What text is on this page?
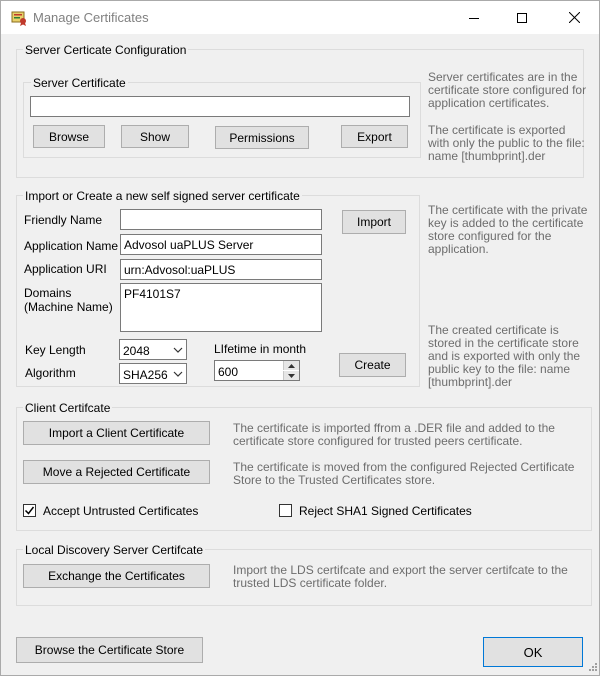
Manage Certificates
Server Certicate Configuration
Server Certificate
Browse	Show	Permissions	Export
Server certificates are in the certificate store configured for application certificates.
The certificate is exported with only the public to the file: name [thumbprint].der
Import or Create a new self signed server certificate
Friendly Name
Application Name Advosol uaPLUS Server
Application URI	urn:Advosol:uaPLUS
Domains
(Machine Name)
PF4101S7
Key Length	2048
Algorithm	SHA256
LIfetime in month
600
Import
Create
The certificate with the private key is added to the certificate store configured for the application.
The created certificate is stored in the certificate store and is exported with only the public key to the file: name [thumbprint].der
Client Certifcate
Import a Client Certificate	The certificate is imported ffrom a .DER file and added to the certificate store configured for trusted peers certificate.
Move a Rejected Certificate	The certificate is moved from the configured Rejected Certificate Store to the Trusted Certificates store.
Accept Untrusted Certificates	Reject SHA1 Signed Certificates
Local Discovery Server Certifcate
Exchange the Certificates	Import the LDS certifcate and export the server certifcate to the trusted LDS certificate folder.
Browse the Certificate Store	OK
